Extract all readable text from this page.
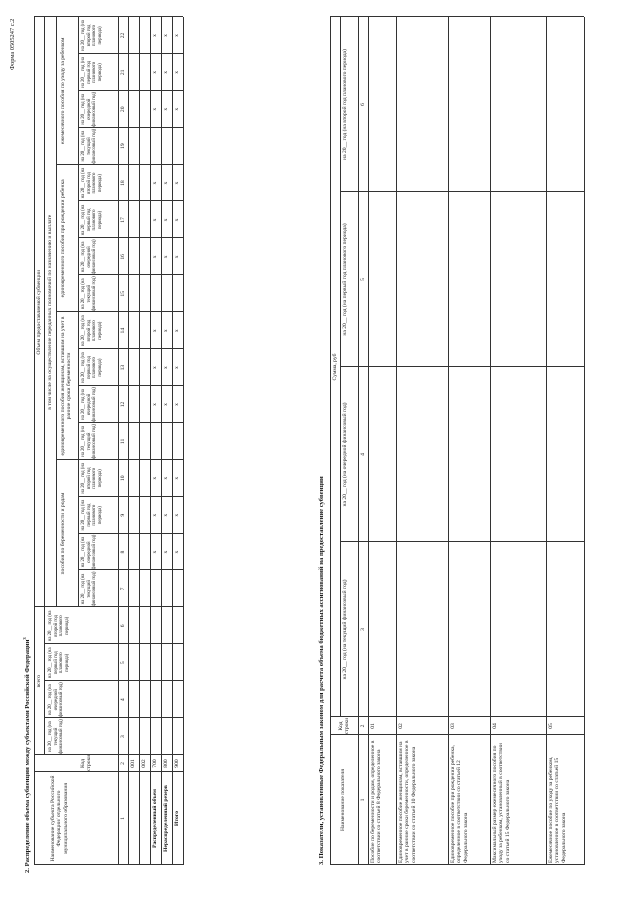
Форма 0505247 с.2
2. Распределение объема субвенции между субъектами Российской Федерации$^3$
Наименование субъекта Российской Федерации/ отдельного муниципального образования
Код строки
всего
Объем предоставляемой субвенции в том числе на осуществление переданных полномочий по назначению и выплате
пособия по беременности и родам
единовременного пособия женщинам, вставшим на учет в ранние сроки беременности
единовременного пособия при рождении ребенка
ежемесячного пособия по уходу за ребенком
на 20__ год (на текущий финансовый год)
на 20__ год (на очередной финансовый год)
на 20__ год (на первый год планового периода)
на 20__ год (на второй год планового периода)
на 20__ год (на текущий финансовый год)
на 20__ год (на очередной финансовый год)
на 20__ год (на первый год планового периода)
на 20__ год (на второй год планового периода)
на 20__ год (на текущий финансовый год)
на 20__ год (на очередной финансовый год)
на 20__ год (на первый год планового периода)
на 20__ год (на второй год планового периода)
на 20__ год (на текущий финансовый год)
на 20__ год (на очередной финансовый год)
на 20__ год (на первый год планового периода)
на 20__ год (на второй год планового периода)
на 20__ год (на текущий финансовый год)
на 20__ год (на очередной финансовый год)
на 20__ год (на первый год планового периода)
на 20__ год (на второй год планового периода)
1
2
3
4
5
6
7
8
9
10
11
12
13
14
15
16
17
18
19
20
21
22
001 002
Распределенный объем
700
x
x
x
x
x
x
x
x
x
x
x
x
Нераспределенный резерв
800
x
x
x
x
x
x
x
x
x
x
x
x
Итого
900
x
x
x
x
x
x
x
x
x
x
x
x
3. Показатели, установленные Федеральным законом для расчета объема бюджетных ассигнований на предоставление субвенции	Наименование показателя
Код строки
Сумма, руб
на 20__ год (на текущий финансовый год)
на 20__ год (на очередной финансовый год)
на 20__ год (на первый год планового периода)
на 20__ год (на второй год планового периода)
1
2
3
4
5
6
Пособие по беременности и родам, определенное в соответствии со статьей 8 Федерального закона
01
Единовременное пособие женщинам, вставшим на учет в ранние сроки беременности, определенное в соответствии со статьей 10 Федерального закона
02
Единовременное пособие при рождении ребенка, определенное в соответствии со статьей 12 Федерального закона
03
Максимальный размер ежемесячного пособия по уходу за ребенком, установленный в соответствии со статьей 15 Федерального закона
04
Ежемесячное пособие по уходу за ребенком, установленное в соответствии со статьей 15 Федерального закона
05
